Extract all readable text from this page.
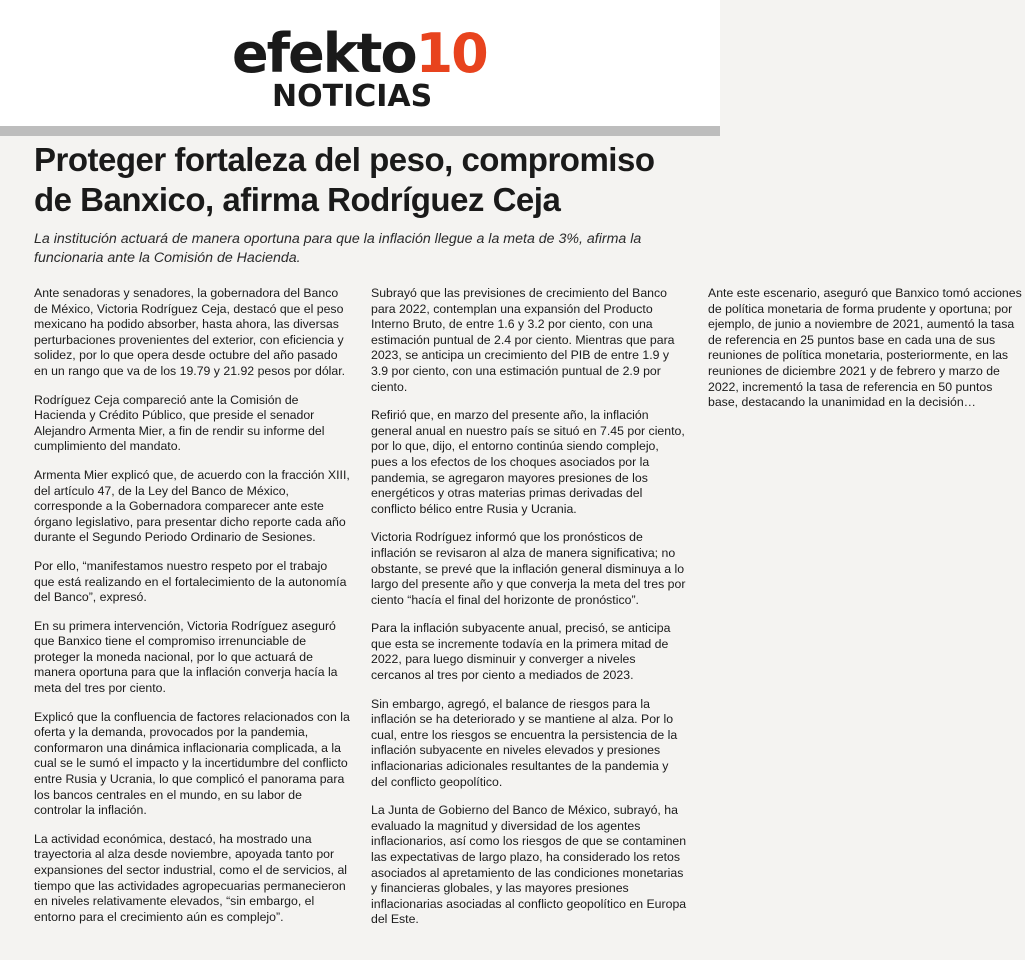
efekto10
NOTICIAS
Proteger fortaleza del peso, compromiso de Banxico, afirma Rodríguez Ceja

La institución actuará de manera oportuna para que la inflación llegue a la meta de 3%, afirma la funcionaria ante la Comisión de Hacienda.

Ante senadoras y senadores, la gobernadora del Banco de México, Victoria Rodríguez Ceja, destacó que el peso mexicano ha podido absorber, hasta ahora, las diversas perturbaciones provenientes del exterior, con eficiencia y solidez, por lo que opera desde octubre del año pasado en un rango que va de los 19.79 y 21.92 pesos por dólar.

Rodríguez Ceja compareció ante la Comisión de Hacienda y Crédito Público, que preside el senador Alejandro Armenta Mier, a fin de rendir su informe del cumplimiento del mandato.

Armenta Mier explicó que, de acuerdo con la fracción XIII, del artículo 47, de la Ley del Banco de México, corresponde a la Gobernadora comparecer ante este órgano legislativo, para presentar dicho reporte cada año durante el Segundo Periodo Ordinario de Sesiones.

Por ello, “manifestamos nuestro respeto por el trabajo que está realizando en el fortalecimiento de la autonomía del Banco”, expresó.

En su primera intervención, Victoria Rodríguez aseguró que Banxico tiene el compromiso irrenunciable de proteger la moneda nacional, por lo que actuará de manera oportuna para que la inflación converja hacía la meta del tres por ciento.

Explicó que la confluencia de factores relacionados con la oferta y la demanda, provocados por la pandemia, conformaron una dinámica inflacionaria complicada, a la cual se le sumó el impacto y la incertidumbre del conflicto entre Rusia y Ucrania, lo que complicó el panorama para los bancos centrales en el mundo, en su labor de controlar la inflación.

La actividad económica, destacó, ha mostrado una trayectoria al alza desde noviembre, apoyada tanto por expansiones del sector industrial, como el de servicios, al tiempo que las actividades agropecuarias permanecieron en niveles relativamente elevados, “sin embargo, el entorno para el crecimiento aún es complejo”.

Subrayó que las previsiones de crecimiento del Banco para 2022, contemplan una expansión del Producto Interno Bruto, de entre 1.6 y 3.2 por ciento, con una estimación puntual de 2.4 por ciento. Mientras que para 2023, se anticipa un crecimiento del PIB de entre 1.9 y 3.9 por ciento, con una estimación puntual de 2.9 por ciento.

Refirió que, en marzo del presente año, la inflación general anual en nuestro país se situó en 7.45 por ciento, por lo que, dijo, el entorno continúa siendo complejo, pues a los efectos de los choques asociados por la pandemia, se agregaron mayores presiones de los energéticos y otras materias primas derivadas del conflicto bélico entre Rusia y Ucrania.

Victoria Rodríguez informó que los pronósticos de inflación se revisaron al alza de manera significativa; no obstante, se prevé que la inflación general disminuya a lo largo del presente año y que converja la meta del tres por ciento “hacía el final del horizonte de pronóstico”.

Para la inflación subyacente anual, precisó, se anticipa que esta se incremente todavía en la primera mitad de 2022, para luego disminuir y converger a niveles cercanos al tres por ciento a mediados de 2023.

Sin embargo, agregó, el balance de riesgos para la inflación se ha deteriorado y se mantiene al alza. Por lo cual, entre los riesgos se encuentra la persistencia de la inflación subyacente en niveles elevados y presiones inflacionarias adicionales resultantes de la pandemia y del conflicto geopolítico.

La Junta de Gobierno del Banco de México, subrayó, ha evaluado la magnitud y diversidad de los agentes inflacionarios, así como los riesgos de que se contaminen las expectativas de largo plazo, ha considerado los retos asociados al apretamiento de las condiciones monetarias y financieras globales, y las mayores presiones inflacionarias asociadas al conflicto geopolítico en Europa del Este.

Ante este escenario, aseguró que Banxico tomó acciones de política monetaria de forma prudente y oportuna; por ejemplo, de junio a noviembre de 2021, aumentó la tasa de referencia en 25 puntos base en cada una de sus reuniones de política monetaria, posteriormente, en las reuniones de diciembre 2021 y de febrero y marzo de 2022, incrementó la tasa de referencia en 50 puntos base, destacando la unanimidad en la decisión…
